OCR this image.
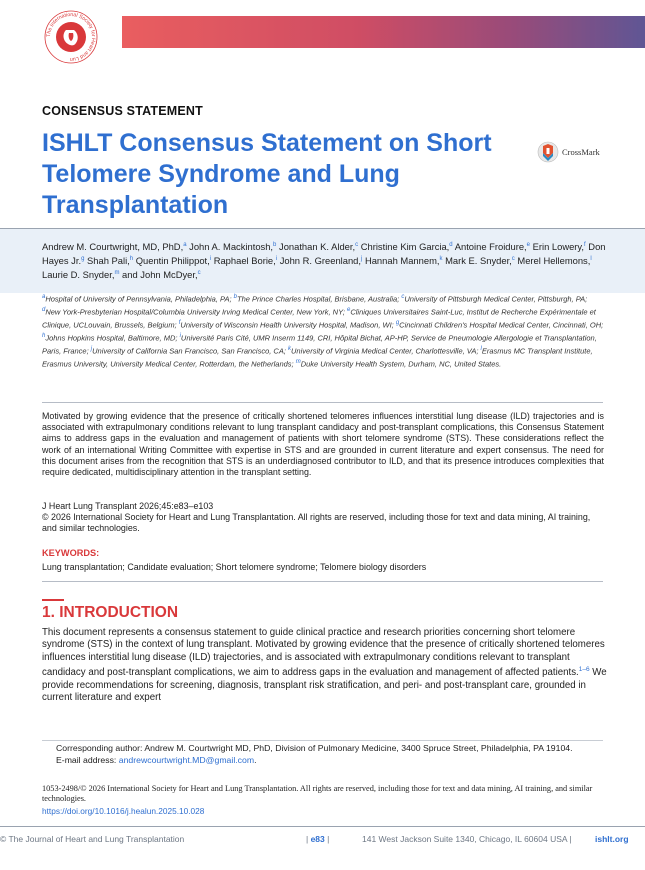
The International Society for Heart and Lun
CONSENSUS STATEMENT
ISHLT Consensus Statement on Short Telomere Syndrome and Lung Transplantation
CrossMark
Andrew M. Courtwright, MD, PhD,$^a$ John A. Mackintosh,$^b$ Jonathan K. Alder,$^c$ Christine Kim Garcia,$^d$ Antoine Froidure,$^e$ Erin Lowery,$^f$ Don Hayes Jr.$^g$ Shah Pali,$^h$ Quentin Philippot,$^i$ Raphael Borie,$^i$ John R. Greenland,$^j$ Hannah Mannem,$^k$ Mark E. Snyder,$^c$ Merel Hellemons,$^l$ Laurie D. Snyder,$^m$ and John McDyer,$^c$
$^a$Hospital of University of Pennsylvania, Philadelphia, PA; $^b$The Prince Charles Hospital, Brisbane, Australia; $^c$University of Pittsburgh Medical Center, Pittsburgh, PA; $^d$New York-Presbyterian Hospital/Columbia University Irving Medical Center, New York, NY; $^e$Cliniques Universitaires Saint-Luc, Institut de Recherche Expérimentale et Clinique, UCLouvain, Brussels, Belgium; $^f$University of Wisconsin Health University Hospital, Madison, WI; $^g$Cincinnati Children's Hospital Medical Center, Cincinnati, OH; $^h$Johns Hopkins Hospital, Baltimore, MD; $^i$Université Paris Cité, UMR Inserm 1149, CRI, Hôpital Bichat, AP-HP, Service de Pneumologie Allergologie et Transplantation, Paris, France; $^j$University of California San Francisco, San Francisco, CA; $^k$University of Virginia Medical Center, Charlottesville, VA; $^l$Erasmus MC Transplant Institute, Erasmus University, University Medical Center, Rotterdam, the Netherlands; $^m$Duke University Health System, Durham, NC, United States.

Motivated by growing evidence that the presence of critically shortened telomeres influences interstitial lung disease (ILD) trajectories and is associated with extrapulmonary conditions relevant to lung transplant candidacy and post-transplant complications, this Consensus Statement aims to address gaps in the evaluation and management of patients with short telomere syndrome (STS). These considerations reflect the work of an international Writing Committee with expertise in STS and are grounded in current literature and expert consensus. The need for this document arises from the recognition that STS is an underdiagnosed contributor to ILD, and that its presence introduces complexities that require dedicated, multidisciplinary attention in the transplant setting.

J Heart Lung Transplant 2026;45:e83–e103

© 2026 International Society for Heart and Lung Transplantation. All rights are reserved, including those for text and data mining, AI training, and similar technologies.

KEYWORDS:
Lung transplantation; Candidate evaluation; Short telomere syndrome; Telomere biology disorders
1. INTRODUCTION

This document represents a consensus statement to guide clinical practice and research priorities concerning short telomere syndrome (STS) in the context of lung transplant. Motivated by growing evidence that the presence of critically shortened telomeres influences interstitial lung disease (ILD) trajectories, and is associated with extrapulmonary conditions relevant to transplant candidacy and post-transplant complications, we aim to address gaps in the evaluation and management of affected patients.$^{1-6}$ We provide recommendations for screening, diagnosis, transplant risk stratification, and peri- and post-transplant care, grounded in current literature and expert

Corresponding author: Andrew M. Courtwright MD, PhD, Division of Pulmonary Medicine, 3400 Spruce Street, Philadelphia, PA 19104.
E-mail address: andrewcourtwright.MD@gmail.com.
1053-2498/© 2026 International Society for Heart and Lung Transplantation. All rights are reserved, including those for text and data mining, AI training, and similar technologies.
https://doi.org/10.1016/j.healun.2025.10.028
© The Journal of Heart and Lung Transplantation	| e83 |	141 West Jackson Suite 1340, Chicago, IL 60604 USA |	ishlt.org
